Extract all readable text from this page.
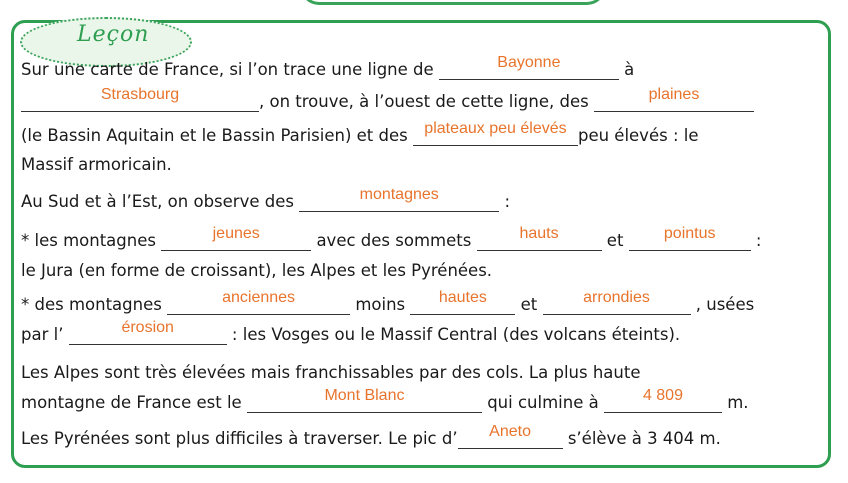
Leçon
Sur une carte de France, si l’on trace une ligne de	Bayonne	à
Strasbourg	, on trouve, à l’ouest de cette ligne, des	plaines
(le Bassin Aquitain et le Bassin Parisien) et des plateaux peu élevés peu élevés : le
Massif armoricain.
Au Sud et à l’Est, on observe des	montagnes	:
* les montagnes	jeunes	avec des sommets	hauts	et	pointus	:
le Jura (en forme de croissant), les Alpes et les Pyrénées.
* des montagnes	anciennes	moins	hautes	et	arrondies	, usées
par l’	érosion	: les Vosges ou le Massif Central (des volcans éteints).
Les Alpes sont très élevées mais franchissables par des cols. La plus haute
montagne de France est le	Mont Blanc	qui culmine à	4 809	m.
Les Pyrénées sont plus difficiles à traverser. Le pic d’	Aneto	s’élève à 3 404 m.
